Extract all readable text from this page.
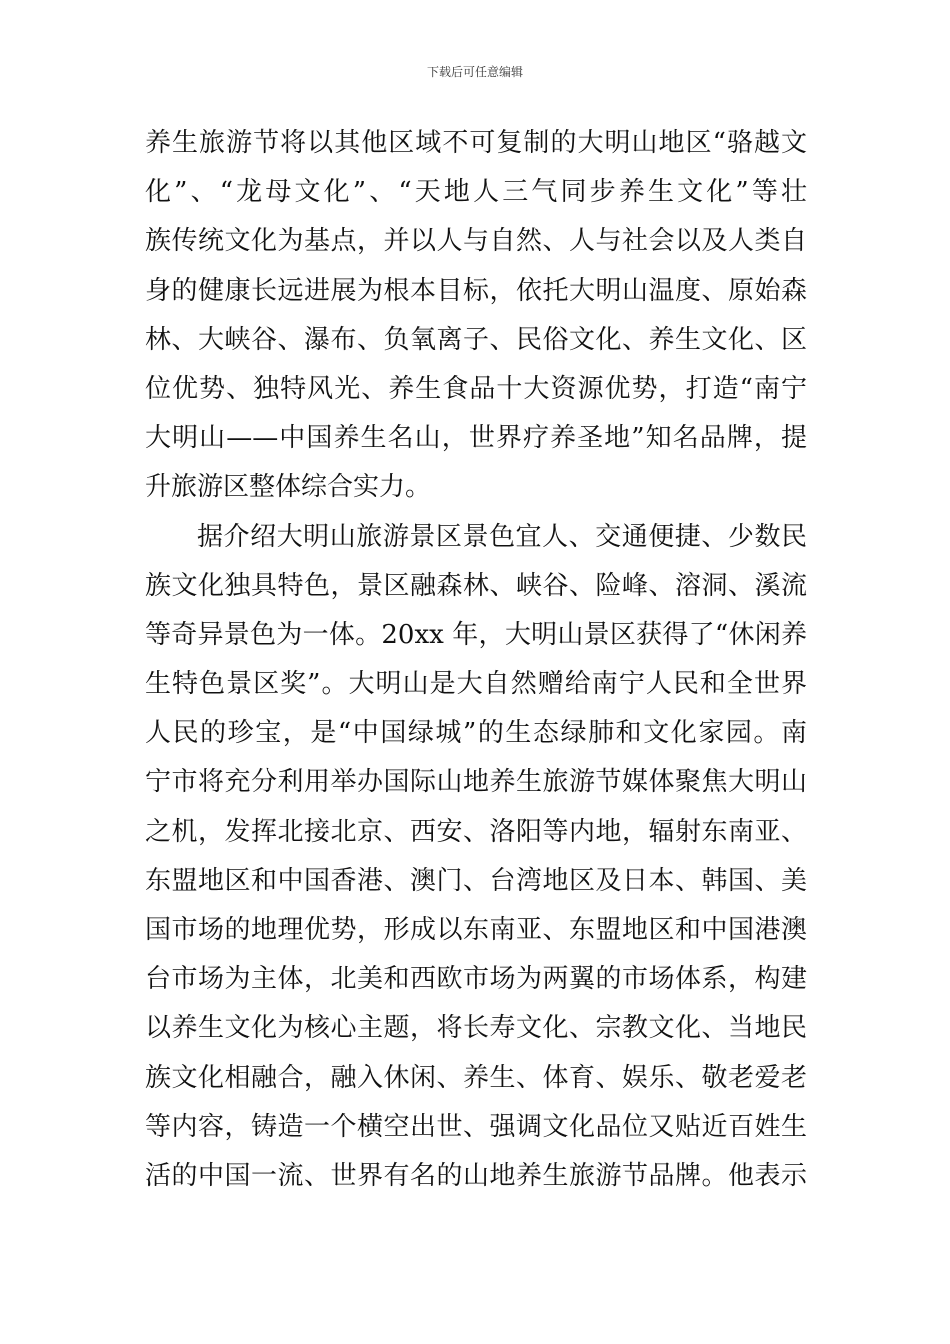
下载后可任意编辑
养生旅游节将以其他区域不可复制的大明山地区“骆越文
化”、“龙母文化”、“天地人三气同步养生文化”等壮
族传统文化为基点，并以人与自然、人与社会以及人类自
身的健康长远进展为根本目标，依托大明山温度、原始森
林、大峡谷、瀑布、负氧离子、民俗文化、养生文化、区
位优势、独特风光、养生食品十大资源优势，打造“南宁
大明山——中国养生名山，世界疗养圣地”知名品牌，提
升旅游区整体综合实力。
据介绍大明山旅游景区景色宜人、交通便捷、少数民
族文化独具特色，景区融森林、峡谷、险峰、溶洞、溪流
等奇异景色为一体。20xx 年，大明山景区获得了“休闲养
生特色景区奖”。大明山是大自然赠给南宁人民和全世界
人民的珍宝，是“中国绿城”的生态绿肺和文化家园。南
宁市将充分利用举办国际山地养生旅游节媒体聚焦大明山
之机，发挥北接北京、西安、洛阳等内地，辐射东南亚、
东盟地区和中国香港、澳门、台湾地区及日本、韩国、美
国市场的地理优势，形成以东南亚、东盟地区和中国港澳
台市场为主体，北美和西欧市场为两翼的市场体系，构建
以养生文化为核心主题，将长寿文化、宗教文化、当地民
族文化相融合，融入休闲、养生、体育、娱乐、敬老爱老
等内容，铸造一个横空出世、强调文化品位又贴近百姓生
活的中国一流、世界有名的山地养生旅游节品牌。他表示
